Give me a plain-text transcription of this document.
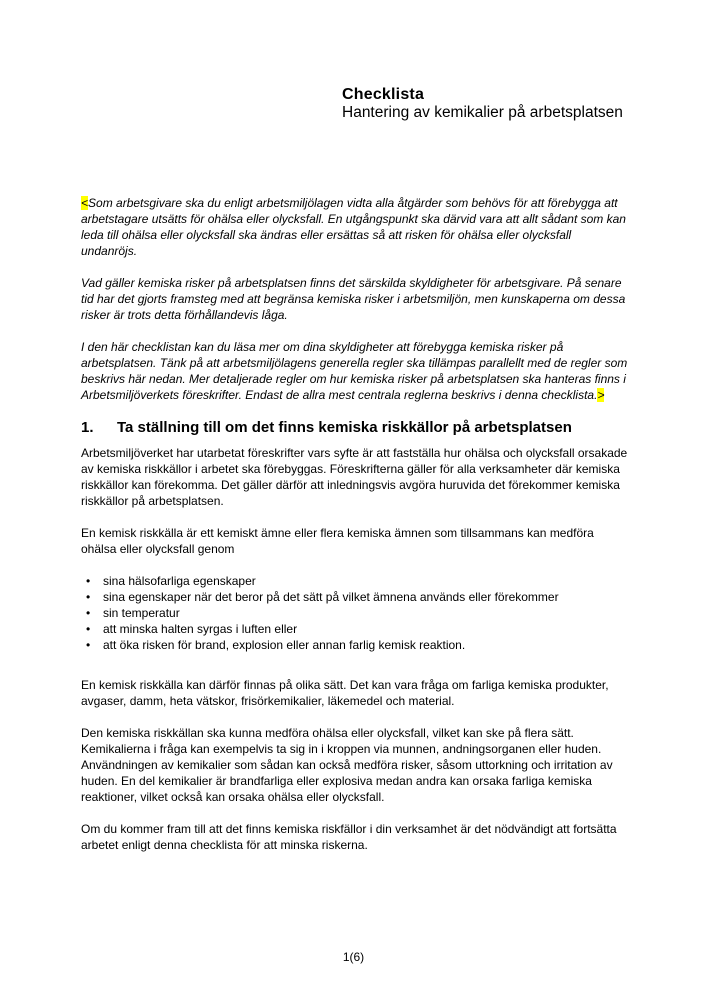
Checklista
Hantering av kemikalier på arbetsplatsen

<Som arbetsgivare ska du enligt arbetsmiljölagen vidta alla åtgärder som behövs för att förebygga att arbetstagare utsätts för ohälsa eller olycksfall. En utgångspunkt ska därvid vara att allt sådant som kan leda till ohälsa eller olycksfall ska ändras eller ersättas så att risken för ohälsa eller olycksfall undanröjs.

Vad gäller kemiska risker på arbetsplatsen finns det särskilda skyldigheter för arbetsgivare. På senare tid har det gjorts framsteg med att begränsa kemiska risker i arbetsmiljön, men kunskaperna om dessa risker är trots detta förhållandevis låga.

I den här checklistan kan du läsa mer om dina skyldigheter att förebygga kemiska risker på arbetsplatsen. Tänk på att arbetsmiljölagens generella regler ska tillämpas parallellt med de regler som beskrivs här nedan. Mer detaljerade regler om hur kemiska risker på arbetsplatsen ska hanteras finns i Arbetsmiljöverkets föreskrifter. Endast de allra mest centrala reglerna beskrivs i denna checklista.>

1.	Ta ställning till om det finns kemiska riskkällor på arbetsplatsen

Arbetsmiljöverket har utarbetat föreskrifter vars syfte är att fastställa hur ohälsa och olycksfall orsakade av kemiska riskkällor i arbetet ska förebyggas. Föreskrifterna gäller för alla verksamheter där kemiska riskkällor kan förekomma. Det gäller därför att inledningsvis avgöra huruvida det förekommer kemiska riskkällor på arbetsplatsen.

En kemisk riskkälla är ett kemiskt ämne eller flera kemiska ämnen som tillsammans kan medföra ohälsa eller olycksfall genom

• sina hälsofarliga egenskaper
• sina egenskaper när det beror på det sätt på vilket ämnena används eller förekommer
• sin temperatur
• att minska halten syrgas i luften eller
• att öka risken för brand, explosion eller annan farlig kemisk reaktion.

En kemisk riskkälla kan därför finnas på olika sätt. Det kan vara fråga om farliga kemiska produkter, avgaser, damm, heta vätskor, frisörkemikalier, läkemedel och material.

Den kemiska riskkällan ska kunna medföra ohälsa eller olycksfall, vilket kan ske på flera sätt. Kemikalierna i fråga kan exempelvis ta sig in i kroppen via munnen, andningsorganen eller huden. Användningen av kemikalier som sådan kan också medföra risker, såsom uttorkning och irritation av huden. En del kemikalier är brandfarliga eller explosiva medan andra kan orsaka farliga kemiska reaktioner, vilket också kan orsaka ohälsa eller olycksfall.

Om du kommer fram till att det finns kemiska riskfällor i din verksamhet är det nödvändigt att fortsätta arbetet enligt denna checklista för att minska riskerna.

1(6)
